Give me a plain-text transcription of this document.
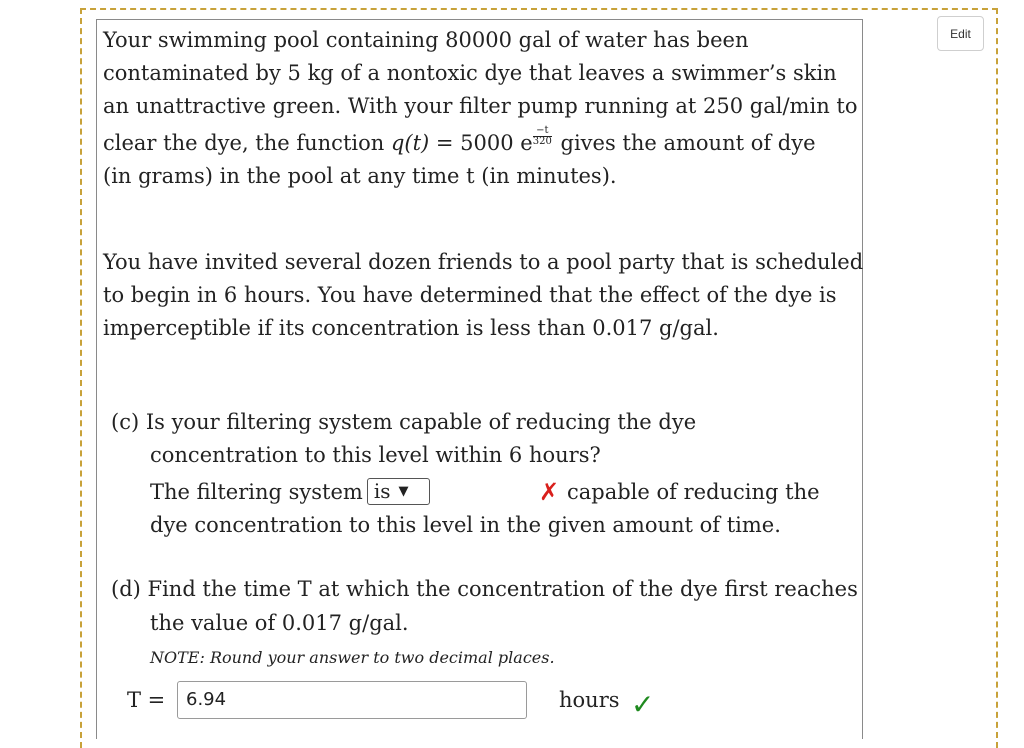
Edit
Your swimming pool containing 80000 gal of water has been
contaminated by 5 kg of a nontoxic dye that leaves a swimmer’s skin
an unattractive green. With your filter pump running at 250 gal/min to
clear the dye, the function q(t) = 5000 e $\frac{-t}{320}$ gives the amount of dye
(in grams) in the pool at any time t (in minutes).
You have invited several dozen friends to a pool party that is scheduled
to begin in 6 hours. You have determined that the effect of the dye is
imperceptible if its concentration is less than 0.017 g/gal.
(c) Is your filtering system capable of reducing the dye
concentration to this level within 6 hours?
The filtering system is ▼	✗ capable of reducing the
dye concentration to this level in the given amount of time.
(d) Find the time T at which the concentration of the dye first reaches
the value of 0.017 g/gal.
NOTE: Round your answer to two decimal places.
T =	6.94	hours ✓
